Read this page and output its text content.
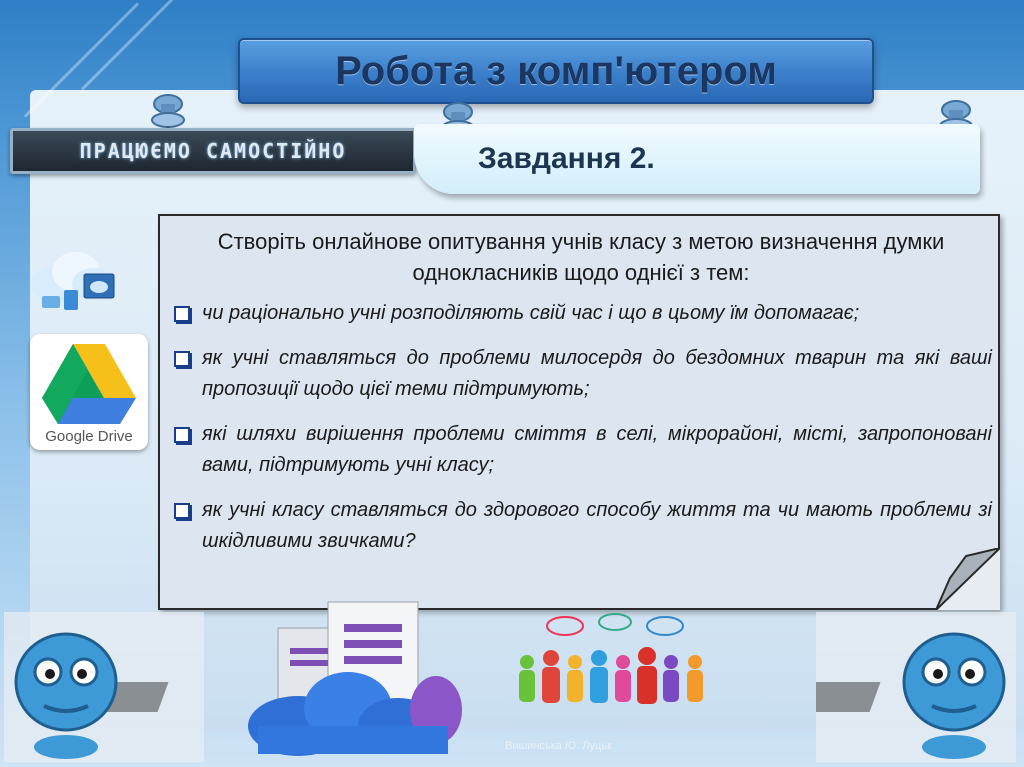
Робота з комп'ютером
ПРАЦЮЄМО САМОСТІЙНО	Завдання 2.
Google Drive
Створіть онлайнове опитування учнів класу з метою визначення думки однокласників щодо однієї з тем:
чи раціонально учні розподіляють свій час і що в цьому їм допомагає;
як учні ставляться до проблеми милосердя до бездомних тварин та які ваші пропозиції щодо цієї теми підтримують;
які шляхи вирішення проблеми сміття в селі, мікрорайоні, місті, запропоновані вами, підтримують учні класу;
як учні класу ставляться до здорового способу життя та чи мають проблеми зі шкідливими звичками?
Вишинська Ю. Луцьк
